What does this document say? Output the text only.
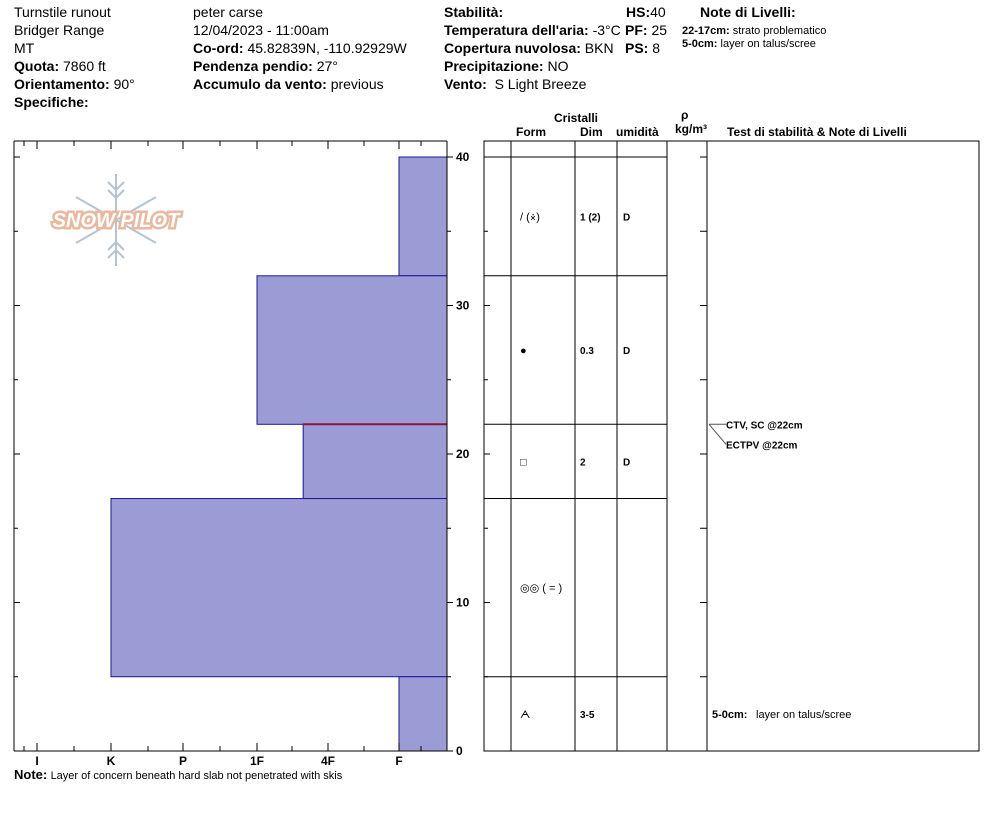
Turnstile runout
Bridger Range
MT
Quota: 7860 ft
Orientamento: 90°
Specifiche:
peter carse
12/04/2023 - 11:00am
Co-ord: 45.82839N, -110.92929W
Pendenza pendio: 27°
Accumulo da vento: previous
Stabilità:
Temperatura dell'aria: -3°C
Copertura nuvolosa: BKN
Precipitazione: NO
Vento: S Light Breeze
HS:40
PF: 25
PS: 8
Note di Livelli:
22-17cm: strato problematico
5-0cm: layer on talus/scree
Cristalli
Form	Dim umidità
ρ
kg/m³ Test di stabilità & Note di Livelli
SNOW PILOT
I	K	P	1F	4F	F
0
10
20
30
40
/ (⨰)	1 (2) D
●	0.3	D
□	2	D
◎◎ ( = )
ᗅ	3-5
CTV, SC @22cm
ECTPV @22cm
5-0cm: layer on talus/scree
Note: Layer of concern beneath hard slab not penetrated with skis
